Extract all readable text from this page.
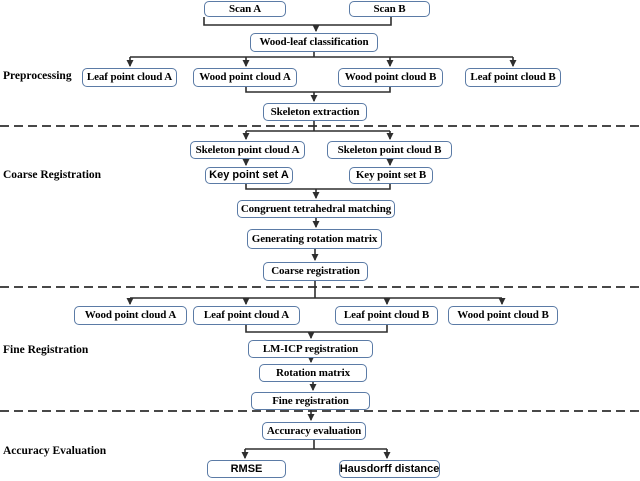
Preprocessing
Coarse Registration
Fine Registration
Accuracy Evaluation
Scan A	Scan B
Wood-leaf classification
Leaf point cloud A	Wood point cloud A	Wood point cloud B	Leaf point cloud B
Skeleton extraction
Skeleton point cloud A	Skeleton point cloud B
Key point set A	Key point set B
Congruent tetrahedral matching
Generating rotation matrix
Coarse registration
Wood point cloud A	Leaf point cloud A	Leaf point cloud B	Wood point cloud B
LM-ICP registration
Rotation matrix
Fine registration
Accuracy evaluation
RMSE	Hausdorff distance
